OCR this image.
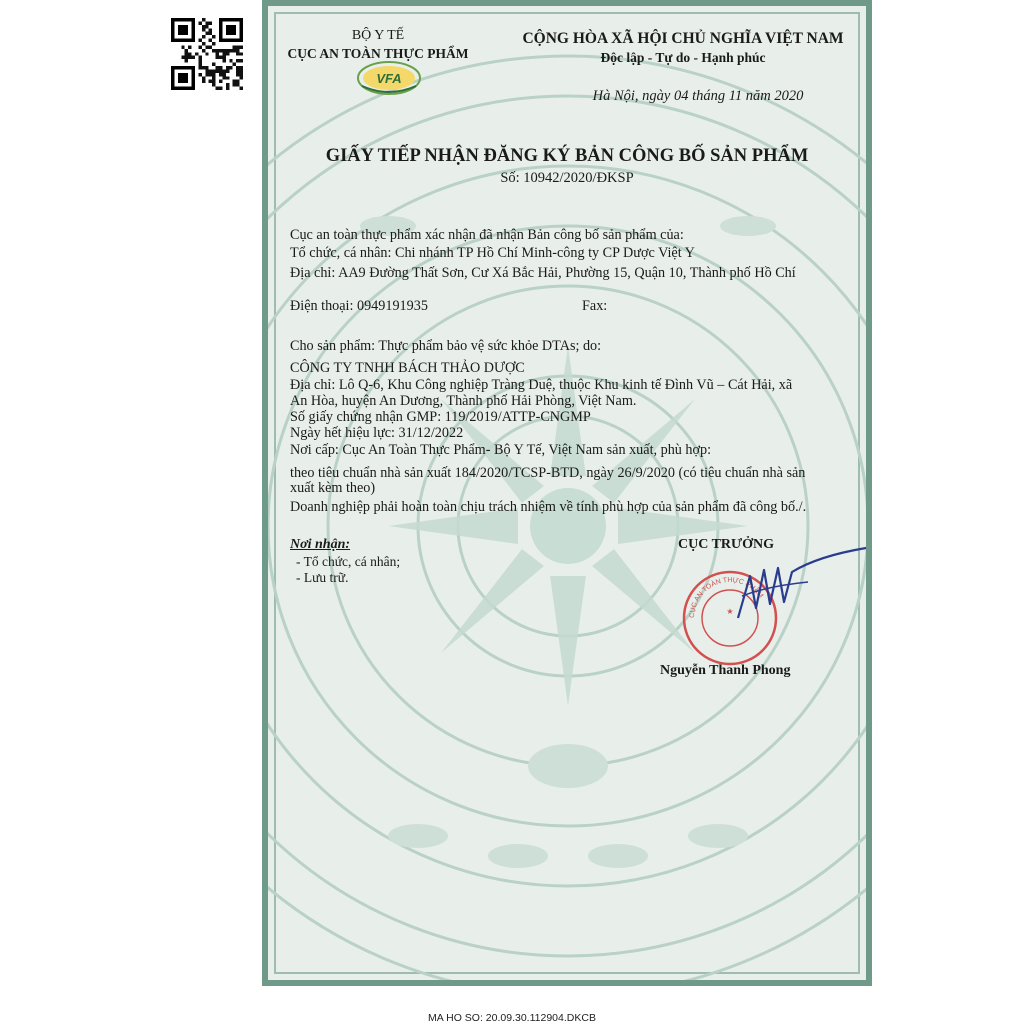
BỘ Y TẾ
CỤC AN TOÀN THỰC PHẨM
VFA
CỘNG HÒA XÃ HỘI CHỦ NGHĨA VIỆT NAM
Độc lập - Tự do - Hạnh phúc
Hà Nội, ngày 04 tháng 11 năm 2020
GIẤY TIẾP NHẬN ĐĂNG KÝ BẢN CÔNG BỐ SẢN PHẨM
Số: 10942/2020/ĐKSP
Cục an toàn thực phẩm xác nhận đã nhận Bản công bố sản phẩm của:
Tổ chức, cá nhân: Chi nhánh TP Hồ Chí Minh-công ty CP Dược Việt Y
Địa chỉ: AA9 Đường Thất Sơn, Cư Xá Bắc Hải, Phường 15, Quận 10, Thành phố Hồ Chí
Điện thoại: 0949191935	Fax:
Cho sản phẩm: Thực phẩm bảo vệ sức khỏe DTAs; do:
CÔNG TY TNHH BÁCH THẢO DƯỢC
Địa chỉ: Lô Q-6, Khu Công nghiệp Tràng Duệ, thuộc Khu kinh tế Đình Vũ – Cát Hải, xã
An Hòa, huyện An Dương, Thành phố Hải Phòng, Việt Nam.
Số giấy chứng nhận GMP: 119/2019/ATTP-CNGMP
Ngày hết hiệu lực: 31/12/2022
Nơi cấp: Cục An Toàn Thực Phẩm- Bộ Y Tế, Việt Nam sản xuất, phù hợp:
theo tiêu chuẩn nhà sản xuất 184/2020/TCSP-BTD, ngày 26/9/2020 (có tiêu chuẩn nhà sản
xuất kèm theo)
Doanh nghiệp phải hoàn toàn chịu trách nhiệm về tính phù hợp của sản phẩm đã công bố./.
Nơi nhận:
- Tổ chức, cá nhân;
- Lưu trữ.
CỤC TRƯỞNG
CỤC AN TOÀN THỰC PHẨM
★
Nguyễn Thanh Phong
MA HO SO: 20.09.30.112904.DKCB
